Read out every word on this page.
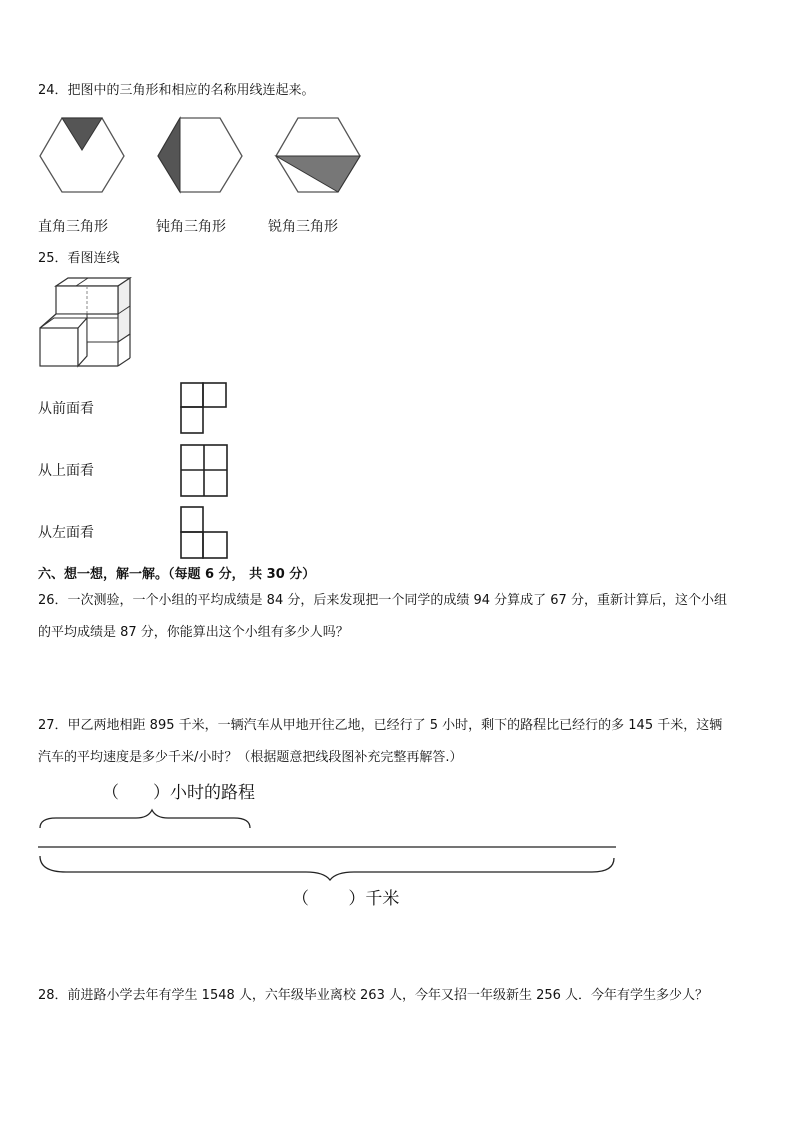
24．把图中的三角形和相应的名称用线连起来。
直角三角形	钝角三角形	锐角三角形
25．看图连线
从前面看
从上面看
从左面看
六、想一想，解一解。（每题 6 分， 共 30 分）
26．一次测验，一个小组的平均成绩是 84 分，后来发现把一个同学的成绩 94 分算成了 67 分，重新计算后，这个小组
的平均成绩是 87 分，你能算出这个小组有多少人吗？
27．甲乙两地相距 895 千米，一辆汽车从甲地开往乙地，已经行了 5 小时，剩下的路程比已经行的多 145 千米，这辆
汽车的平均速度是多少千米/小时？（根据题意把线段图补充完整再解答.）
（　　）小时的路程
（　　 ）千米
28．前进路小学去年有学生 1548 人，六年级毕业离校 263 人，今年又招一年级新生 256 人．今年有学生多少人？
